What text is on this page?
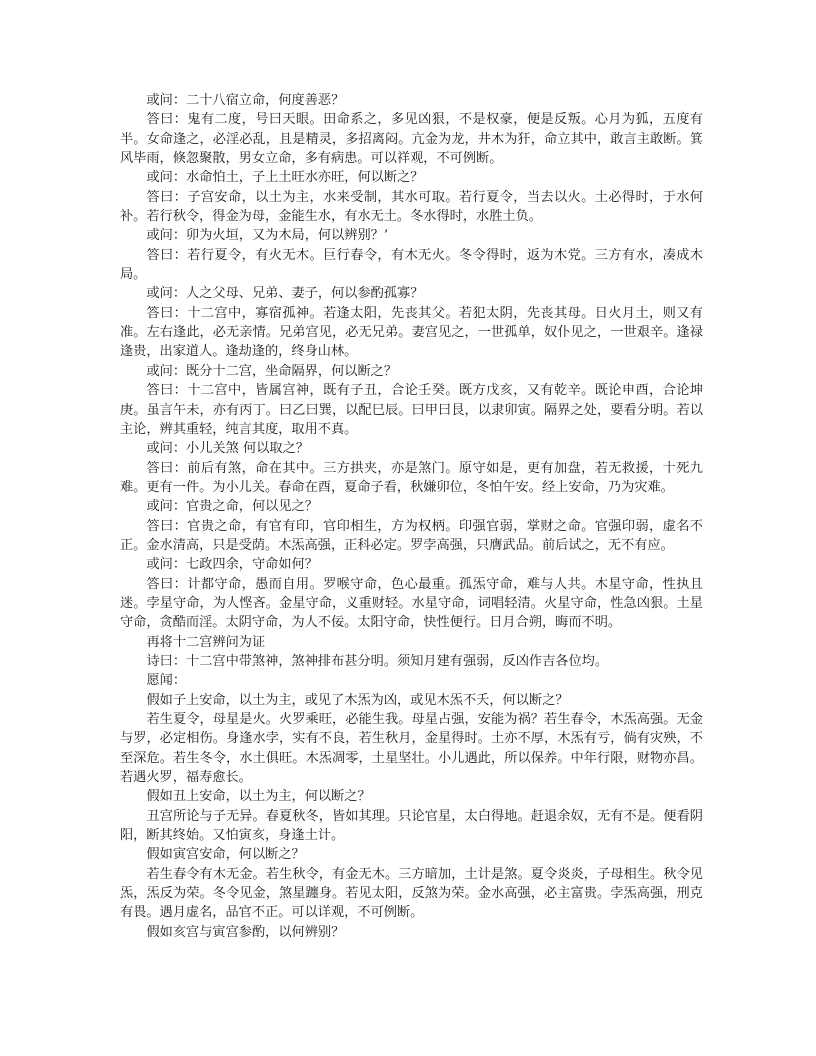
或问：二十八宿立命，何度善恶？

答曰：鬼有二度，号曰天眼。田命系之，多见凶狠，不是权豪，便是反叛。心月为狐，五度有半。女命逢之，必淫必乱，且是精灵，多招离闷。亢金为龙，井木为犴，命立其中，敢言主敢断。箕风毕雨，倏忽聚散，男女立命，多有病患。可以祥观，不可例断。

或问：水命怕土，子上土旺水亦旺，何以断之？

答曰：子宫安命，以土为主，水来受制，其水可取。若行夏令，当去以火。土必得时，于水何补。若行秋令，得金为母，金能生水，有水无土。冬水得时，水胜土负。

或问：卯为火垣，又为木局，何以辨别？’

答曰：若行夏令，有火无木。巨行春令，有木无火。冬令得时，返为木党。三方有水，凑成木局。

或问：人之父母、兄弟、妻子，何以参酌孤寡？

答曰：十二宫中，寡宿孤神。若逢太阳，先丧其父。若犯太阴，先丧其母。日火月土，则又有准。左右逢此，必无亲情。兄弟宫见，必无兄弟。妻宫见之，一世孤单，奴仆见之，一世艰辛。逢禄逢贵，出家道人。逢劫逢的，终身山林。

或问：既分十二宫，坐命隔界，何以断之？

答曰：十二宫中，皆属宫神，既有子丑，合论壬癸。既方戊亥，又有乾辛。既论申酉，合论坤庚。虽言午未，亦有丙丁。曰乙曰巽，以配巳辰。曰甲曰艮，以隶卯寅。隔界之处，要看分明。若以主论，辨其重轻，纯言其度，取用不真。

或问：小儿关煞 何以取之？

答曰：前后有煞，命在其中。三方拱夹，亦是煞门。原守如是，更有加盘，若无救援，十死九难。更有一件。为小儿关。春命在酉，夏命子看，秋嫌卯位，冬怕午安。经上安命，乃为灾难。

或问：官贵之命，何以见之？

答曰：官贵之命，有官有印，官印相生，方为权柄。印强官弱，掌财之命。官强印弱，虚名不正。金水清高，只是受荫。木炁高强，正科必定。罗孛高强，只膺武品。前后试之，无不有应。

或问：七政四余，守命如何？

答曰：计都守命，愚而自用。罗喉守命，色心最重。孤炁守命，难与人共。木星守命，性执且迷。孛星守命，为人悭吝。金星守命，义重财轻。水星守命，词唱轻清。火星守命，性急凶狠。土星守命，贪酷而淫。太阴守命，为人不佞。太阳守命，快性便行。日月合朔，晦而不明。

再将十二宫辨问为证

诗曰：十二宫中带煞神，煞神排布甚分明。须知月建有强弱，反凶作吉各位均。

愿闻：

假如子上安命，以土为主，或见了木炁为凶，或见木炁不夭，何以断之？

若生夏令，母星是火。火罗乘旺，必能生我。母星占强，安能为祸？若生春令，木炁高强。无金与罗，必定相伤。身逢水孛，实有不良，若生秋月，金星得时。土亦不厚，木炁有亏，倘有灾殃，不至深危。若生冬令，水土俱旺。木炁凋零，土星坚壮。小儿遇此，所以保养。中年行限，财物亦昌。若遇火罗，福寿愈长。

假如丑上安命，以土为主，何以断之？

丑宫所论与子无异。春夏秋冬，皆如其理。只论官星，太白得地。赶退余奴，无有不是。便看阴阳，断其终始。又怕寅亥，身逢土计。

假如寅宫安命，何以断之？

若生春令有木无金。若生秋令，有金无木。三方暗加，土计是煞。夏令炎炎，子母相生。秋令见炁，炁反为荣。冬令见金，煞星躔身。若见太阳，反煞为荣。金水高强，必主富贵。孛炁高强，刑克有畏。遇月虚名，品官不正。可以详观，不可例断。

假如亥宫与寅宫参酌，以何辨别？
